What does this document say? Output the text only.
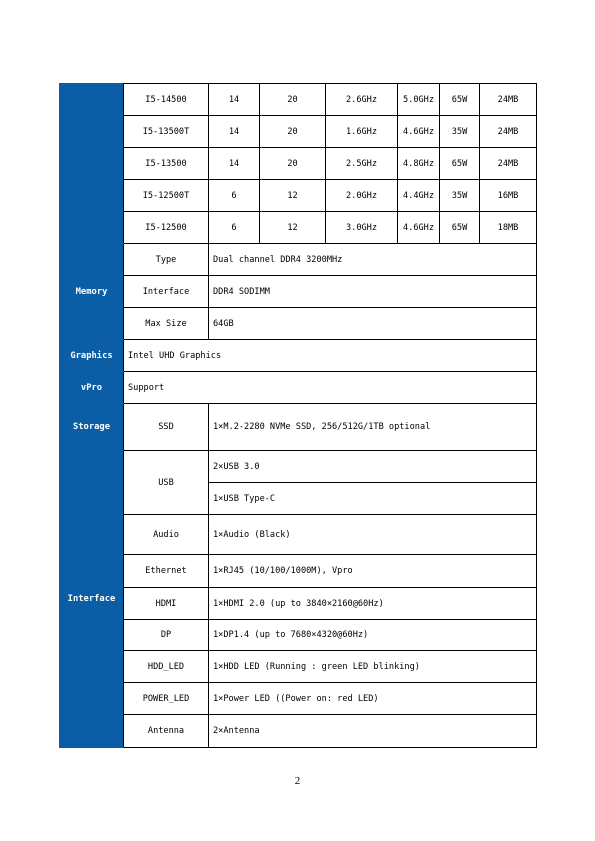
	I5-14500	14	20	2.6GHz	5.0GHz	65W	24MB
	I5-13500T	14	20	1.6GHz	4.6GHz	35W	24MB
	I5-13500	14	20	2.5GHz	4.8GHz	65W	24MB
	I5-12500T	6	12	2.0GHz	4.4GHz	35W	16MB
	I5-12500	6	12	3.0GHz	4.6GHz	65W	18MB
Memory	Type	Dual channel DDR4 3200MHz					
	Interface	DDR4 SODIMM					
	Max Size	64GB					
Graphics	Intel UHD Graphics						
vPro	Support						
Storage	SSD	1×M.2-2280 NVMe SSD, 256/512G/1TB optional					
Interface	USB	2×USB 3.0					
		1×USB Type-C					
	Audio	1×Audio (Black)					
	Ethernet	1×RJ45 (10/100/1000M), Vpro					
	HDMI	1×HDMI 2.0 (up to 3840×2160@60Hz)					
	DP	1×DP1.4 (up to 7680×4320@60Hz)					
	HDD_LED	1×HDD LED (Running : green LED blinking)					
	POWER_LED	1×Power LED ((Power on: red LED)					
	Antenna	2×Antenna					
2
